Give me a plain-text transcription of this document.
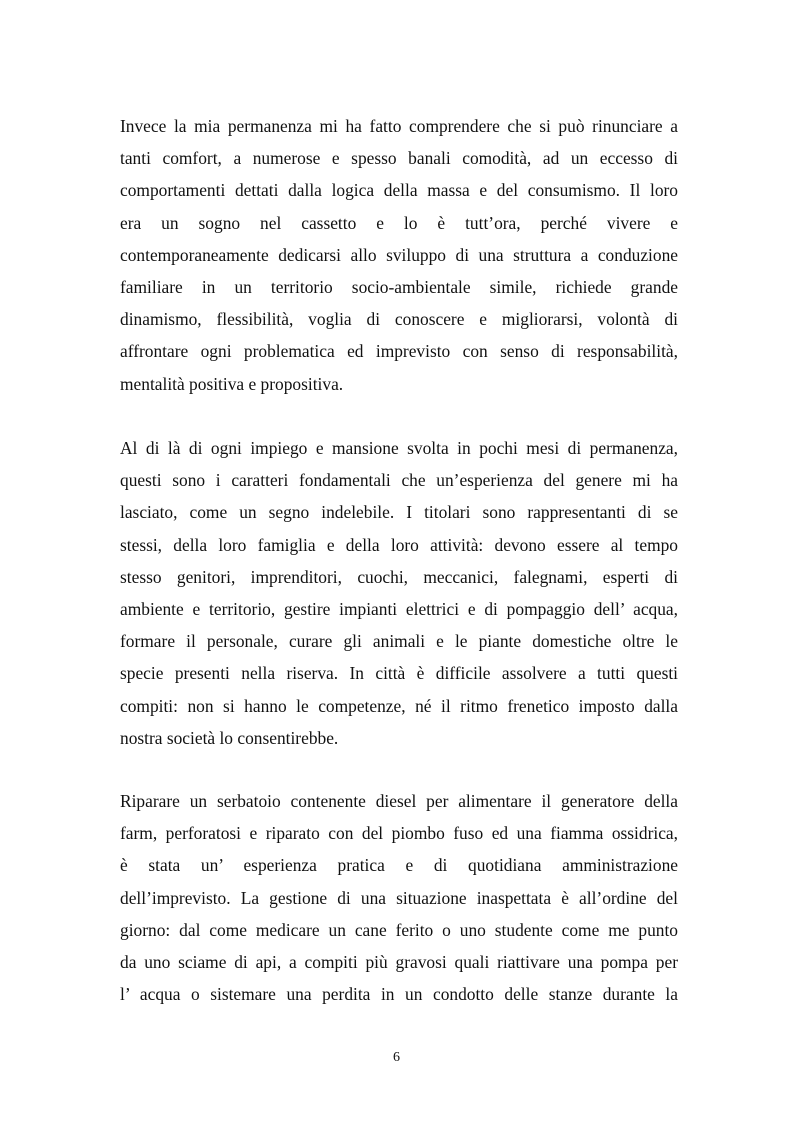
Invece la mia permanenza mi ha fatto comprendere che si può rinunciare a
tanti comfort, a numerose e spesso banali comodità, ad un eccesso di
comportamenti dettati dalla logica della massa e del consumismo. Il loro
era un sogno nel cassetto e lo è tutt’ora, perché vivere e
contemporaneamente dedicarsi allo sviluppo di una struttura a conduzione
familiare in un territorio socio-ambientale simile, richiede grande
dinamismo, flessibilità, voglia di conoscere e migliorarsi, volontà di
affrontare ogni problematica ed imprevisto con senso di responsabilità,
mentalità positiva e propositiva.
Al di là di ogni impiego e mansione svolta in pochi mesi di permanenza,
questi sono i caratteri fondamentali che un’esperienza del genere mi ha
lasciato, come un segno indelebile. I titolari sono rappresentanti di se
stessi, della loro famiglia e della loro attività: devono essere al tempo
stesso genitori, imprenditori, cuochi, meccanici, falegnami, esperti di
ambiente e territorio, gestire impianti elettrici e di pompaggio dell’ acqua,
formare il personale, curare gli animali e le piante domestiche oltre le
specie presenti nella riserva. In città è difficile assolvere a tutti questi
compiti: non si hanno le competenze, né il ritmo frenetico imposto dalla
nostra società lo consentirebbe.
Riparare un serbatoio contenente diesel per alimentare il generatore della
farm, perforatosi e riparato con del piombo fuso ed una fiamma ossidrica,
è stata un’ esperienza pratica e di quotidiana amministrazione
dell’imprevisto. La gestione di una situazione inaspettata è all’ordine del
giorno: dal come medicare un cane ferito o uno studente come me punto
da uno sciame di api, a compiti più gravosi quali riattivare una pompa per
l’ acqua o sistemare una perdita in un condotto delle stanze durante la
6
